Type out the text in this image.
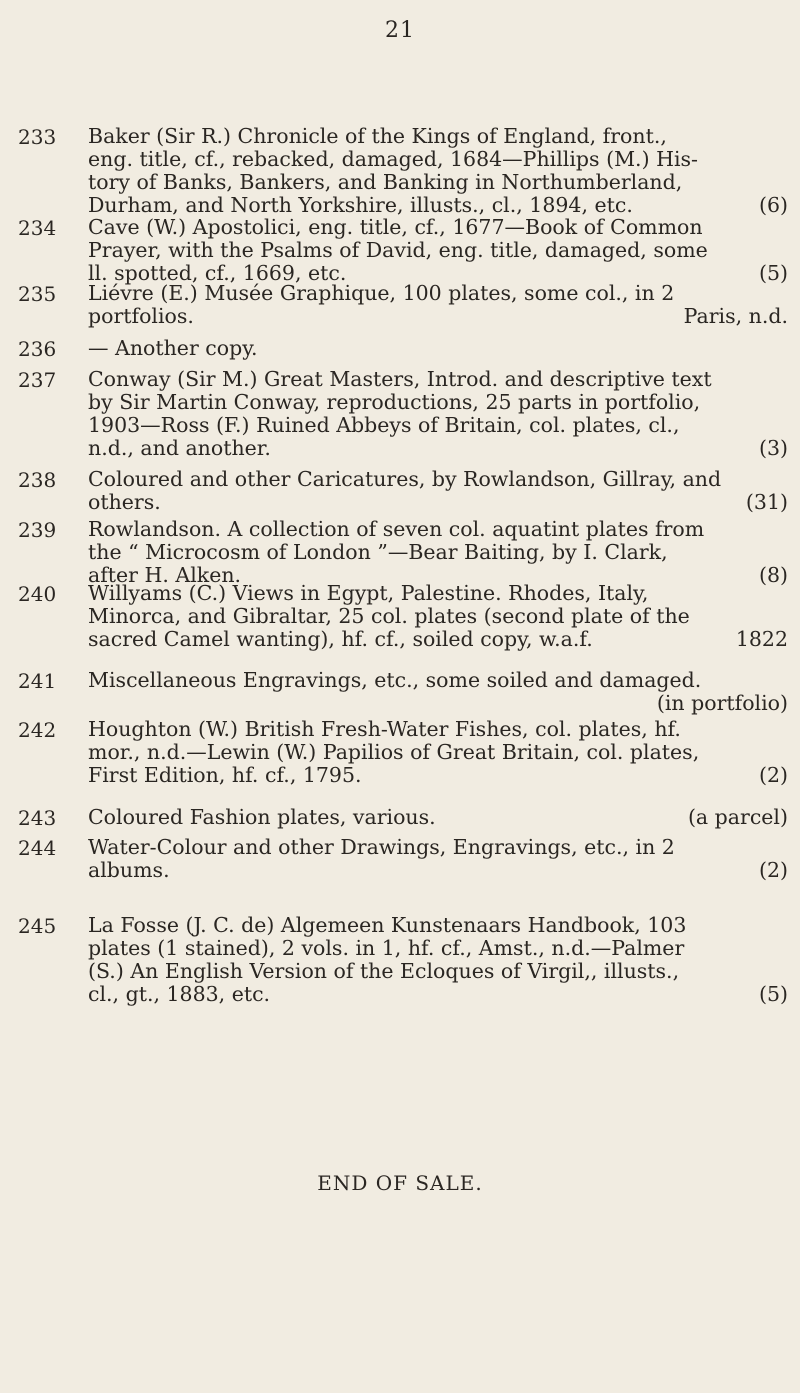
21
233	Baker (Sir R.) Chronicle of the Kings of England, front.,
eng. title, cf., rebacked, damaged, 1684—Phillips (M.) His-
tory of Banks, Bankers, and Banking in Northumberland,
Durham, and North Yorkshire, illusts., cl., 1894, etc.	(6)
234	Cave (W.) Apostolici, eng. title, cf., 1677—Book of Common
Prayer, with the Psalms of David, eng. title, damaged, some
ll. spotted, cf., 1669, etc.	(5)
235	Liévre (E.) Musée Graphique, 100 plates, some col., in 2
portfolios.	Paris, n.d.
236	— Another copy.
237	Conway (Sir M.) Great Masters, Introd. and descriptive text
by Sir Martin Conway, reproductions, 25 parts in portfolio,
1903—Ross (F.) Ruined Abbeys of Britain, col. plates, cl.,
n.d., and another.	(3)
238	Coloured and other Caricatures, by Rowlandson, Gillray, and
others.	(31)
239	Rowlandson. A collection of seven col. aquatint plates from
the “ Microcosm of London ”—Bear Baiting, by I. Clark,
after H. Alken.	(8)
240	Willyams (C.) Views in Egypt, Palestine. Rhodes, Italy,
Minorca, and Gibraltar, 25 col. plates (second plate of the
sacred Camel wanting), hf. cf., soiled copy, w.a.f.	1822
241	Miscellaneous Engravings, etc., some soiled and damaged.
(in portfolio)
242	Houghton (W.) British Fresh-Water Fishes, col. plates, hf.
mor., n.d.—Lewin (W.) Papilios of Great Britain, col. plates,
First Edition, hf. cf., 1795.	(2)
243	Coloured Fashion plates, various.	(a parcel)
244	Water-Colour and other Drawings, Engravings, etc., in 2
albums.	(2)
245	La Fosse (J. C. de) Algemeen Kunstenaars Handbook, 103
plates (1 stained), 2 vols. in 1, hf. cf., Amst., n.d.—Palmer
(S.) An English Version of the Ecloques of Virgil,, illusts.,
cl., gt., 1883, etc.	(5)
END OF SALE.
